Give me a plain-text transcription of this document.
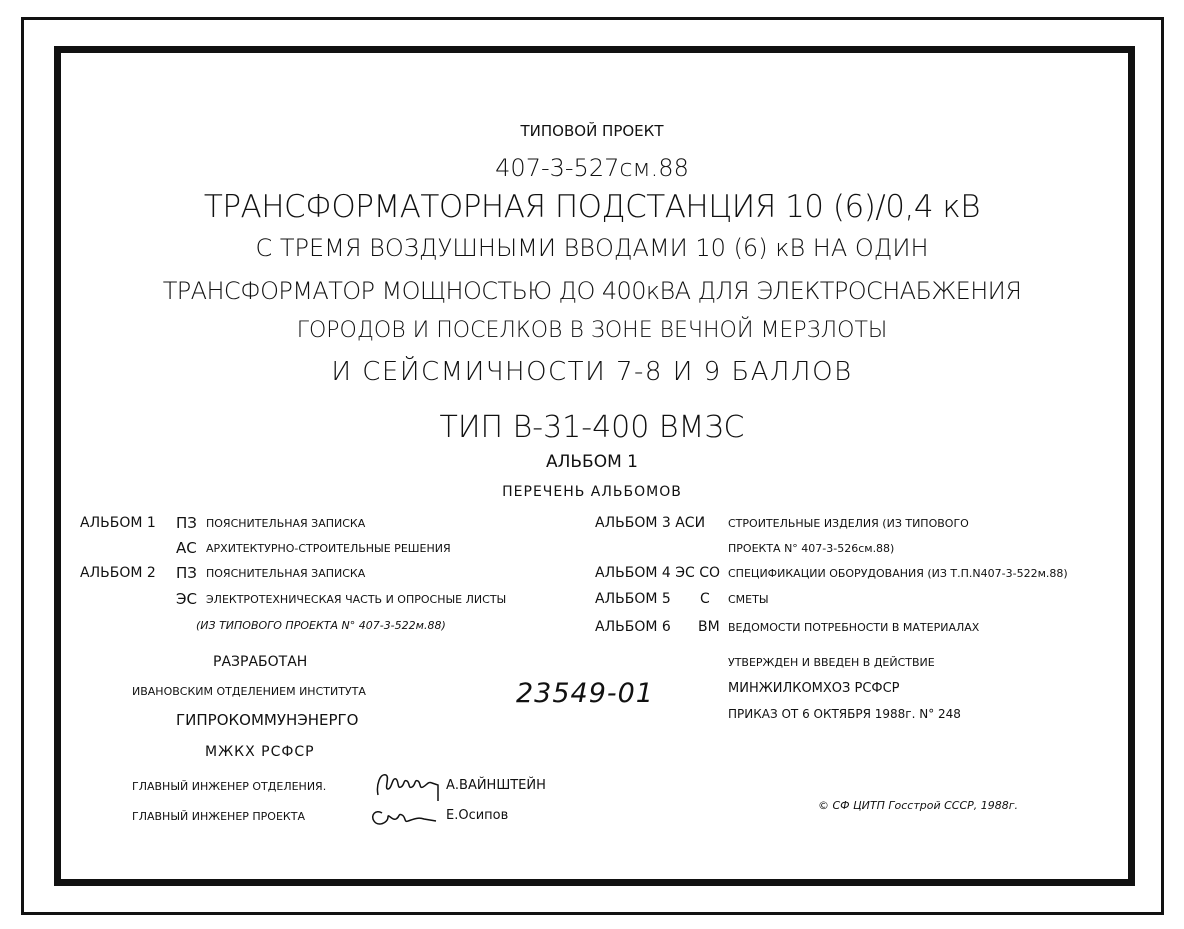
ТИПОВОЙ ПРОЕКТ
407-3-527см.88
ТРАНСФОРМАТОРНАЯ ПОДСТАНЦИЯ 10 (6)/0,4 кВ
С ТРЕМЯ ВОЗДУШНЫМИ ВВОДАМИ 10 (6) кВ НА ОДИН
ТРАНСФОРМАТОР МОЩНОСТЬЮ ДО 400кВА ДЛЯ ЭЛЕКТРОСНАБЖЕНИЯ
ГОРОДОВ И ПОСЕЛКОВ В ЗОНЕ ВЕЧНОЙ МЕРЗЛОТЫ
И СЕЙСМИЧНОСТИ 7-8 И 9 БАЛЛОВ
ТИП В-31-400 ВМЗС
АЛЬБОМ 1
ПЕРЕЧЕНЬ АЛЬБОМОВ
АЛЬБОМ 1 ПЗ ПОЯСНИТЕЛЬНАЯ ЗАПИСКА
АС АРХИТЕКТУРНО-СТРОИТЕЛЬНЫЕ РЕШЕНИЯ
АЛЬБОМ 2 ПЗ ПОЯСНИТЕЛЬНАЯ ЗАПИСКА
ЭС ЭЛЕКТРОТЕХНИЧЕСКАЯ ЧАСТЬ И ОПРОСНЫЕ ЛИСТЫ
(ИЗ ТИПОВОГО ПРОЕКТА N° 407-3-522м.88)
АЛЬБОМ 3 АСИ СТРОИТЕЛЬНЫЕ ИЗДЕЛИЯ (ИЗ ТИПОВОГО
ПРОЕКТА N° 407-3-526см.88)
АЛЬБОМ 4 ЭС СО СПЕЦИФИКАЦИИ ОБОРУДОВАНИЯ (ИЗ Т.П.N407-3-522м.88)
АЛЬБОМ 5 С СМЕТЫ
АЛЬБОМ 6 ВМ ВЕДОМОСТИ ПОТРЕБНОСТИ В МАТЕРИАЛАХ
РАЗРАБОТАН
ИВАНОВСКИМ ОТДЕЛЕНИЕМ ИНСТИТУТА
ГИПРОКОММУНЭНЕРГО
МЖКХ РСФСР
ГЛАВНЫЙ ИНЖЕНЕР ОТДЕЛЕНИЯ.	А.ВАЙНШТЕЙН
ГЛАВНЫЙ ИНЖЕНЕР ПРОЕКТА	Е.Осипов
23549-01
УТВЕРЖДЕН И ВВЕДЕН В ДЕЙСТВИЕ
МИНЖИЛКОМХОЗ РСФСР
ПРИКАЗ ОТ 6 ОКТЯБРЯ 1988г. N° 248
© СФ ЦИТП Госстрой СССР, 1988г.
